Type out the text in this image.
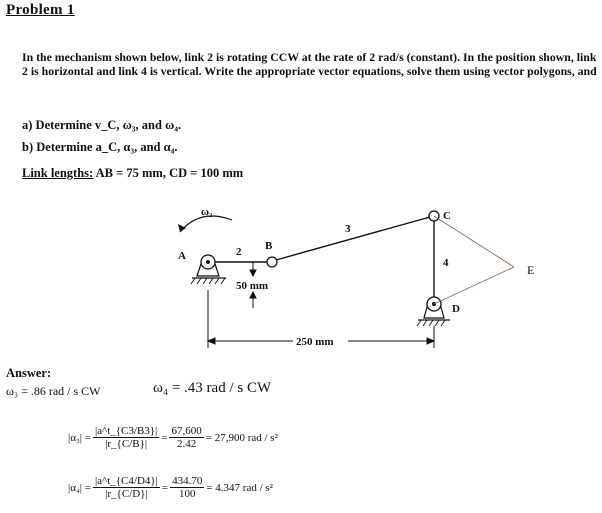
Problem 1
In the mechanism shown below, link 2 is rotating CCW at the rate of 2 rad/s (constant). In the position shown, link 2 is horizontal and link 4 is vertical. Write the appropriate vector equations, solve them using vector polygons, and
a) Determine v_C, ω₃, and ω₄.
b) Determine a_C, α₃, and α₄.
Link lengths: AB = 75 mm, CD = 100 mm
ω₂
A	2 B
3
C
4
D
E
50 mm
250 mm
Answer:
ω₃ = .86 rad / s CW	ω₄ = .43 rad / s CW
$|\alpha_3| = \frac{|a\^{}t\_\{C3/B3\}|}{|r\_\{C/B\}|} = \frac{67,600}{2.42} = 27,900$ rad / s²
$|\alpha_4| = \frac{|a\^{}t\_\{C4/D4\}|}{|r\_\{C/D\}|} = \frac{434.70}{100} = 4.347$ rad / s²
